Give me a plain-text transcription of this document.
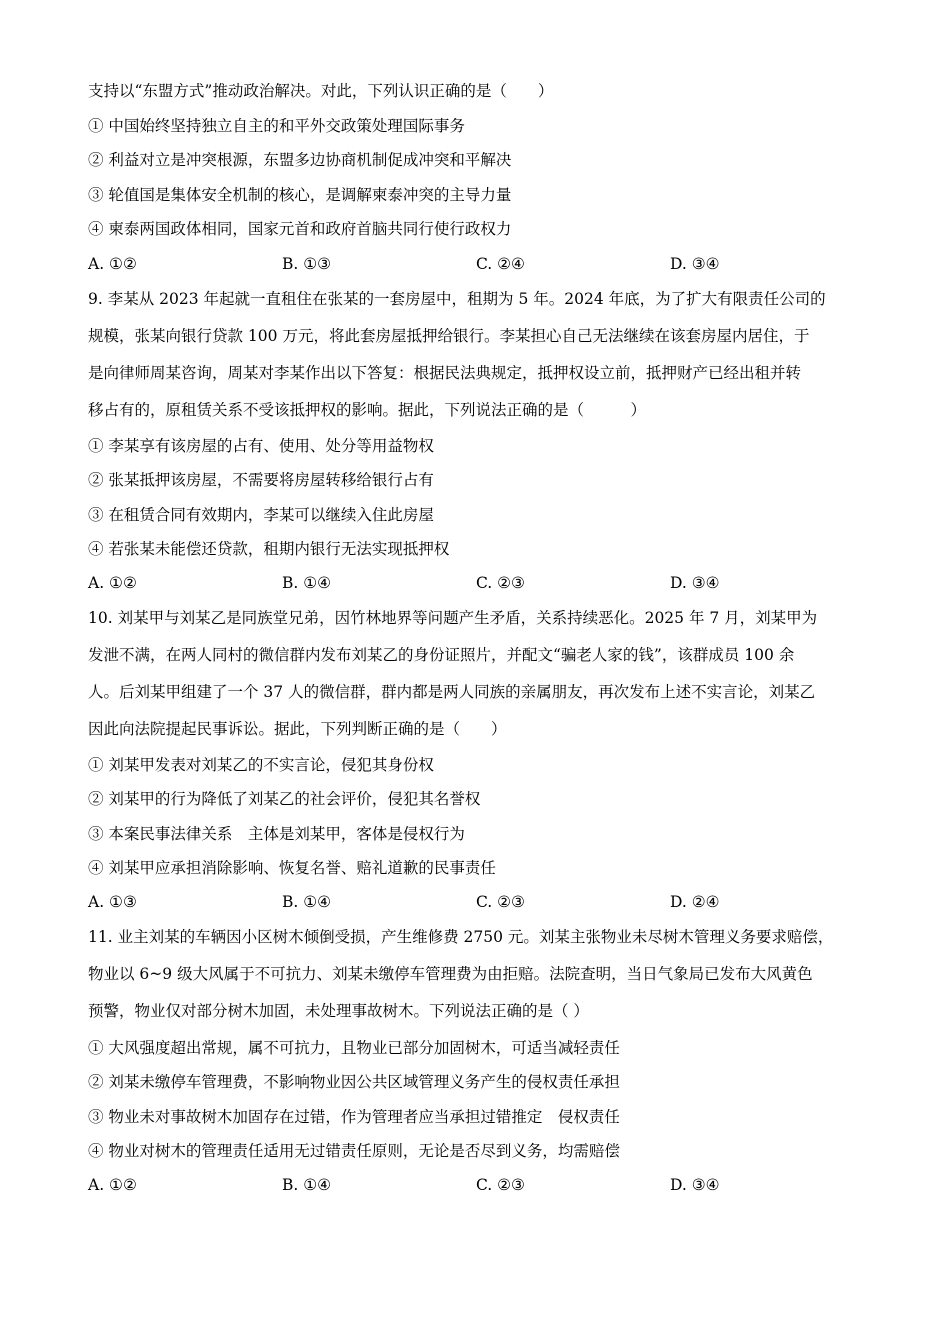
支持以“东盟方式”推动政治解决。对此，下列认识正确的是（　　）
① 中国始终坚持独立自主的和平外交政策处理国际事务
② 利益对立是冲突根源，东盟多边协商机制促成冲突和平解决
③ 轮值国是集体安全机制的核心，是调解柬泰冲突的主导力量
④ 柬泰两国政体相同，国家元首和政府首脑共同行使行政权力
A. ①②	B. ①③	C. ②④	D. ③④
9. 李某从 2023 年起就一直租住在张某的一套房屋中，租期为 5 年。2024 年底，为了扩大有限责任公司的
规模，张某向银行贷款 100 万元，将此套房屋抵押给银行。李某担心自己无法继续在该套房屋内居住，于
是向律师周某咨询，周某对李某作出以下答复：根据民法典规定，抵押权设立前，抵押财产已经出租并转
移占有的，原租赁关系不受该抵押权的影响。据此，下列说法正确的是（　　　）
① 李某享有该房屋的占有、使用、处分等用益物权
② 张某抵押该房屋，不需要将房屋转移给银行占有
③ 在租赁合同有效期内，李某可以继续入住此房屋
④ 若张某未能偿还贷款，租期内银行无法实现抵押权
A. ①②	B. ①④	C. ②③	D. ③④
10. 刘某甲与刘某乙是同族堂兄弟，因竹林地界等问题产生矛盾，关系持续恶化。2025 年 7 月，刘某甲为
发泄不满，在两人同村的微信群内发布刘某乙的身份证照片，并配文“骗老人家的钱”，该群成员 100 余
人。后刘某甲组建了一个 37 人的微信群，群内都是两人同族的亲属朋友，再次发布上述不实言论，刘某乙
因此向法院提起民事诉讼。据此，下列判断正确的是（　　）
① 刘某甲发表对刘某乙的不实言论，侵犯其身份权
② 刘某甲的行为降低了刘某乙的社会评价，侵犯其名誉权
③ 本案民事法律关系　主体是刘某甲，客体是侵权行为
④ 刘某甲应承担消除影响、恢复名誉、赔礼道歉的民事责任
A. ①③	B. ①④	C. ②③	D. ②④
11. 业主刘某的车辆因小区树木倾倒受损，产生维修费 2750 元。刘某主张物业未尽树木管理义务要求赔偿，
物业以 6~9 级大风属于不可抗力、刘某未缴停车管理费为由拒赔。法院查明，当日气象局已发布大风黄色
预警，物业仅对部分树木加固，未处理事故树木。下列说法正确的是（ ）
① 大风强度超出常规，属不可抗力，且物业已部分加固树木，可适当减轻责任
② 刘某未缴停车管理费，不影响物业因公共区域管理义务产生的侵权责任承担
③ 物业未对事故树木加固存在过错，作为管理者应当承担过错推定　侵权责任
④ 物业对树木的管理责任适用无过错责任原则，无论是否尽到义务，均需赔偿
A. ①②	B. ①④	C. ②③	D. ③④
